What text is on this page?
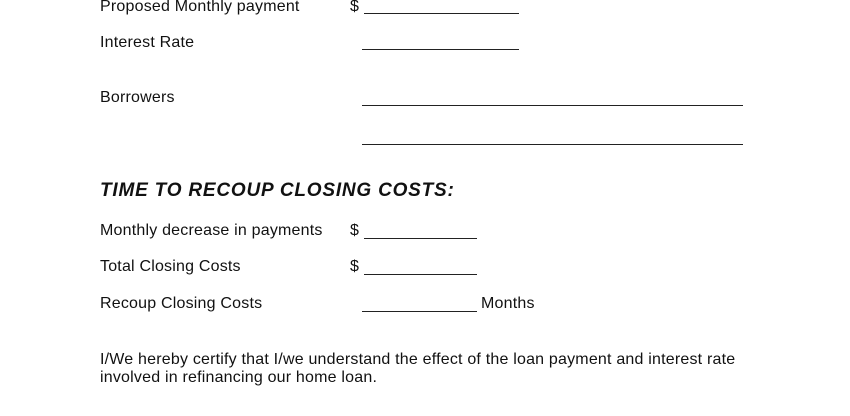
Proposed Monthly payment	$
Interest Rate
Borrowers
TIME TO RECOUP CLOSING COSTS:
Monthly decrease in payments $
Total Closing Costs	$
Recoup Closing Costs	Months
I/We hereby certify that I/we understand the effect of the loan payment and interest rate
involved in refinancing our home loan.
